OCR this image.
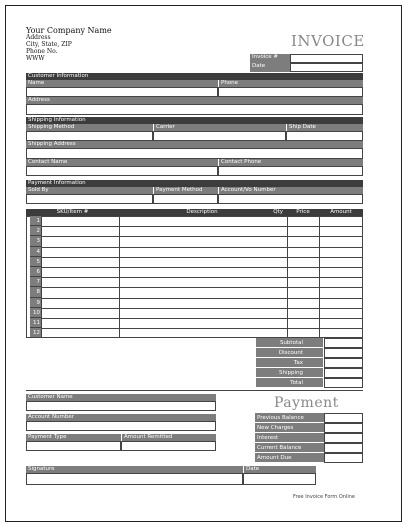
Your Company Name
Address
City, State, ZIP
Phone No.
WWW
INVOICE
Invoice #
Date
Customer Information
Name	Phone
Address
Shipping Information
Shipping Method	Carrier	Ship Date
Shipping Address
Contact Name	Contact Phone
Payment Information
Sold By	Payment Method	Account/Vo Number
SKU/Item #	Description	Qty	Price	Amount
1
2
3
4
5
6
7
8
9
10
11
12
Subtotal
Discount
Tax
Shipping
Total
Customer Name
Account Number
Payment Type	Amount Remitted
Payment
Previous Balance
New Charges
Interest
Current Balance
Amount Due
Signature	Date
Free Invoice Form Online
